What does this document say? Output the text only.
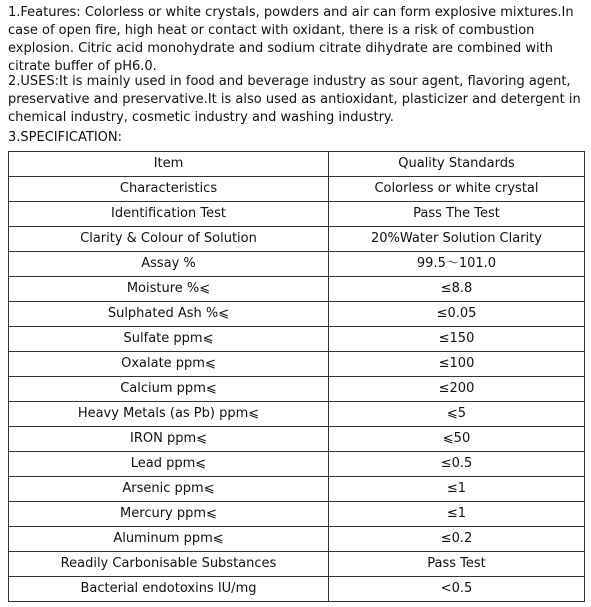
1.Features: Colorless or white crystals, powders and air can form explosive mixtures.In case of open fire, high heat or contact with oxidant, there is a risk of combustion explosion. Citric acid monohydrate and sodium citrate dihydrate are combined with citrate buffer of pH6.0.

2.USES:It is mainly used in food and beverage industry as sour agent, flavoring agent, preservative and preservative.It is also used as antioxidant, plasticizer and detergent in chemical industry, cosmetic industry and washing industry.

3.SPECIFICATION:

Item	Quality Standards
Characteristics	Colorless or white crystal
Identification Test	Pass The Test
Clarity & Colour of Solution	20%Water Solution Clarity
Assay %	99.5～101.0
Moisture %⩽	≤8.8
Sulphated Ash %⩽	≤0.05
Sulfate ppm⩽	≤150
Oxalate ppm⩽	≤100
Calcium ppm⩽	≤200
Heavy Metals (as Pb) ppm⩽	⩽5
IRON ppm⩽	⩽50
Lead ppm⩽	≤0.5
Arsenic ppm⩽	≤1
Mercury ppm⩽	≤1
Aluminum ppm⩽	≤0.2
Readily Carbonisable Substances	Pass Test
Bacterial endotoxins IU/mg	<0.5
